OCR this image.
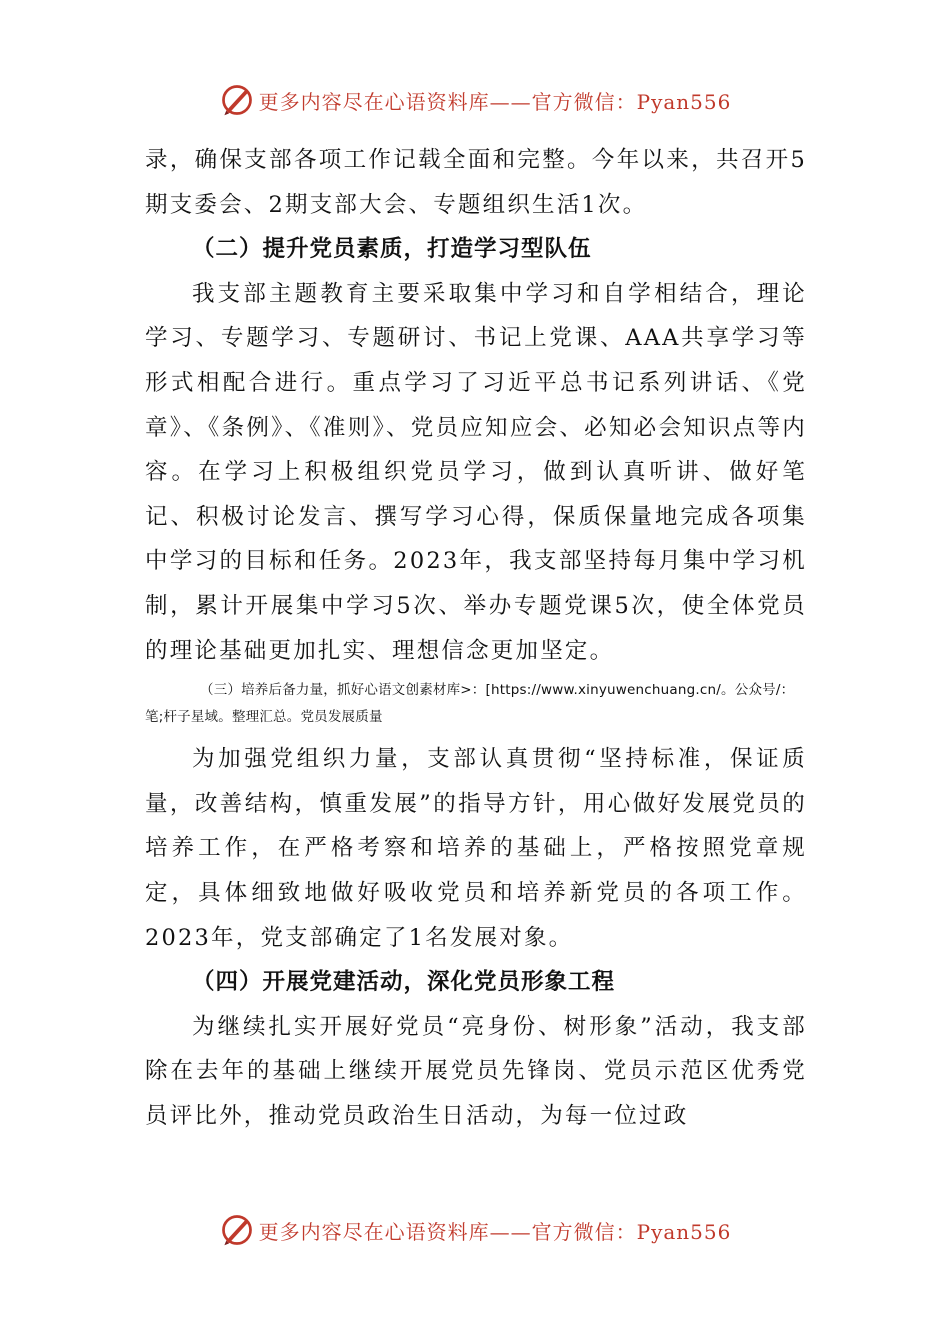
更多内容尽在心语资料库——官方微信：Pyan556

录，确保支部各项工作记载全面和完整。今年以来，共召开5期支委会、2期支部大会、专题组织生活1次。

（二）提升党员素质，打造学习型队伍

我支部主题教育主要采取集中学习和自学相结合，理论学习、专题学习、专题研讨、书记上党课、AAA共享学习等形式相配合进行。重点学习了习近平总书记系列讲话、《党章》、《条例》、《准则》、党员应知应会、必知必会知识点等内容。在学习上积极组织党员学习，做到认真听讲、做好笔记、积极讨论发言、撰写学习心得，保质保量地完成各项集中学习的目标和任务。2023年，我支部坚持每月集中学习机制，累计开展集中学习5次、举办专题党课5次，使全体党员的理论基础更加扎实、理想信念更加坚定。

（三）培养后备力量，抓好心语文创素材库>：[https://www.xinyuwenchuang.cn/。公众号/：笔;杆子星域。整理汇总。党员发展质量

为加强党组织力量，支部认真贯彻“坚持标准，保证质量，改善结构，慎重发展”的指导方针，用心做好发展党员的培养工作，在严格考察和培养的基础上，严格按照党章规定，具体细致地做好吸收党员和培养新党员的各项工作。2023年，党支部确定了1名发展对象。

（四）开展党建活动，深化党员形象工程

为继续扎实开展好党员“亮身份、树形象”活动，我支部除在去年的基础上继续开展党员先锋岗、党员示范区优秀党员评比外，推动党员政治生日活动，为每一位过政

更多内容尽在心语资料库——官方微信：Pyan556
